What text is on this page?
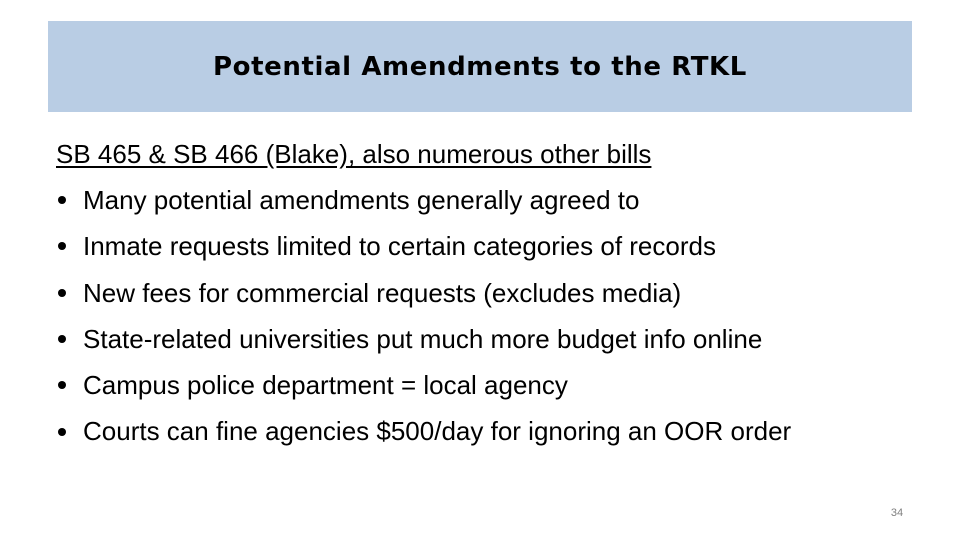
Potential Amendments to the RTKL
SB 465 & SB 466 (Blake), also numerous other bills
Many potential amendments generally agreed to
Inmate requests limited to certain categories of records
New fees for commercial requests (excludes media)
State-related universities put much more budget info online
Campus police department = local agency
Courts can fine agencies $500/day for ignoring an OOR order
34
